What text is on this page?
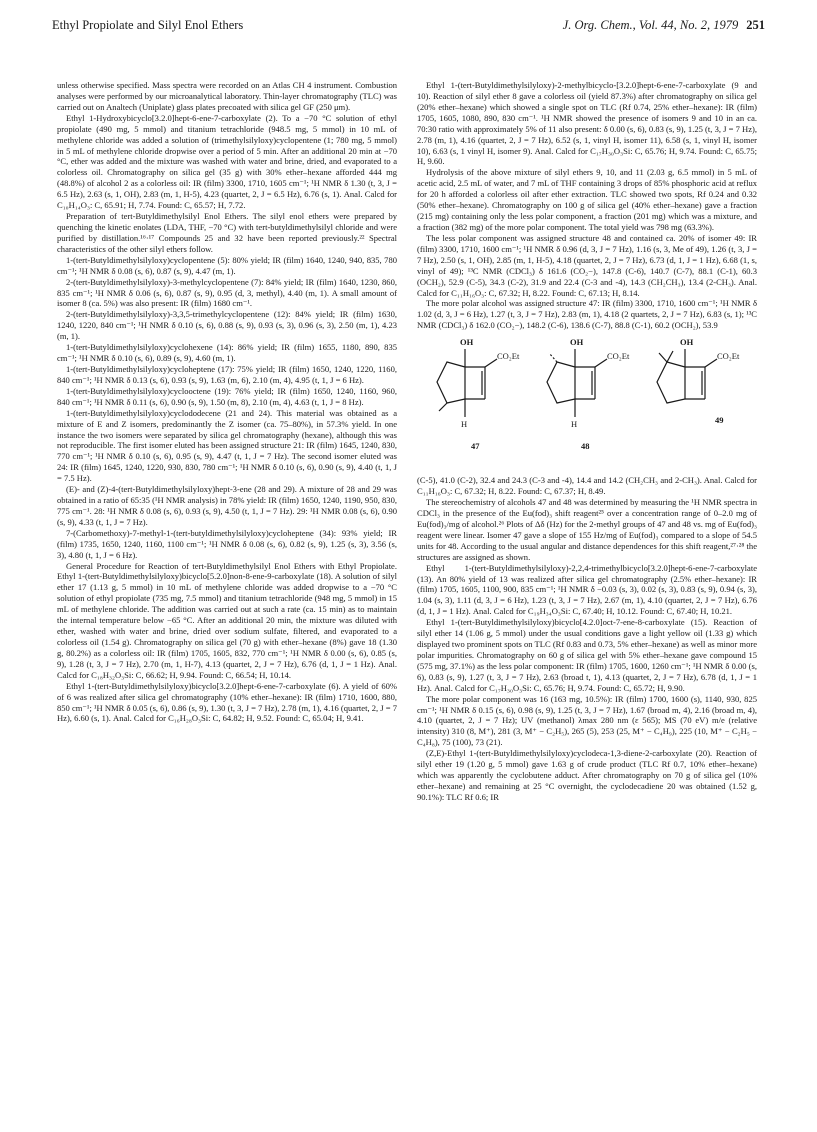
Ethyl Propiolate and Silyl Enol Ethers	J. Org. Chem., Vol. 44, No. 2, 1979 251

unless otherwise specified. Mass spectra were recorded on an Atlas CH 4 instrument. Combustion analyses were performed by our microanalytical laboratory. Thin-layer chromatography (TLC) was carried out on Analtech (Uniplate) glass plates precoated with silica gel GF (250 μm).

Ethyl 1-Hydroxybicyclo[3.2.0]hept-6-ene-7-carboxylate (2). To a −70 °C solution of ethyl propiolate (490 mg, 5 mmol) and titanium tetrachloride (948.5 mg, 5 mmol) in 10 mL of methylene chloride was added a solution of (trimethylsilyloxy)cyclopentene (1; 780 mg, 5 mmol) in 5 mL of methylene chloride dropwise over a period of 5 min. After an additional 20 min at −70 °C, ether was added and the mixture was washed with water and brine, dried, and evaporated to a colorless oil. Chromatography on silica gel (35 g) with 30% ether–hexane afforded 444 mg (48.8%) of alcohol 2 as a colorless oil: IR (film) 3300, 1710, 1605 cm⁻¹; ¹H NMR δ 1.30 (t, 3, J = 6.5 Hz), 2.63 (s, 1, OH), 2.83 (m, 1, H-5), 4.23 (quartet, 2, J = 6.5 Hz), 6.76 (s, 1). Anal. Calcd for C₁₀H₁₄O₃: C, 65.91; H, 7.74. Found: C, 65.57; H, 7.72.

Preparation of tert-Butyldimethylsilyl Enol Ethers. The silyl enol ethers were prepared by quenching the kinetic enolates (LDA, THF, −70 °C) with tert-butyldimethylsilyl chloride and were purified by distillation.¹⁶·¹⁷ Compounds 25 and 32 have been reported previously.²² Spectral characteristics of the other silyl ethers follow.

1-(tert-Butyldimethylsilyloxy)cyclopentene (5): 80% yield; IR (film) 1640, 1240, 940, 835, 780 cm⁻¹; ¹H NMR δ 0.08 (s, 6), 0.87 (s, 9), 4.47 (m, 1).

2-(tert-Butyldimethylsilyloxy)-3-methylcyclopentene (7): 84% yield; IR (film) 1640, 1230, 860, 835 cm⁻¹; ¹H NMR δ 0.06 (s, 6), 0.87 (s, 9), 0.95 (d, 3, methyl), 4.40 (m, 1). A small amount of isomer 8 (ca. 5%) was also present: IR (film) 1680 cm⁻¹.

2-(tert-Butyldimethylsilyloxy)-3,3,5-trimethylcyclopentene (12): 84% yield; IR (film) 1630, 1240, 1220, 840 cm⁻¹; ¹H NMR δ 0.10 (s, 6), 0.88 (s, 9), 0.93 (s, 3), 0.96 (s, 3), 2.50 (m, 1), 4.23 (m, 1).

1-(tert-Butyldimethylsilyloxy)cyclohexene (14): 86% yield; IR (film) 1655, 1180, 890, 835 cm⁻¹; ¹H NMR δ 0.10 (s, 6), 0.89 (s, 9), 4.60 (m, 1).

1-(tert-Butyldimethylsilyloxy)cycloheptene (17): 75% yield; IR (film) 1650, 1240, 1220, 1160, 840 cm⁻¹; ¹H NMR δ 0.13 (s, 6), 0.93 (s, 9), 1.63 (m, 6), 2.10 (m, 4), 4.95 (t, 1, J = 6 Hz).

1-(tert-Butyldimethylsilyloxy)cyclooctene (19): 76% yield; IR (film) 1650, 1240, 1160, 960, 840 cm⁻¹; ¹H NMR δ 0.11 (s, 6), 0.90 (s, 9), 1.50 (m, 8), 2.10 (m, 4), 4.63 (t, 1, J = 8 Hz).

1-(tert-Butyldimethylsilyloxy)cyclododecene (21 and 24). This material was obtained as a mixture of E and Z isomers, predominantly the Z isomer (ca. 75–80%), in 57.3% yield. In one instance the two isomers were separated by silica gel chromatography (hexane), although this was not reproducible. The first isomer eluted has been assigned structure 21: IR (film) 1645, 1240, 830, 770 cm⁻¹; ¹H NMR δ 0.10 (s, 6), 0.95 (s, 9), 4.47 (t, 1, J = 7 Hz). The second isomer eluted was 24: IR (film) 1645, 1240, 1220, 930, 830, 780 cm⁻¹; ¹H NMR δ 0.10 (s, 6), 0.90 (s, 9), 4.40 (t, 1, J = 7.5 Hz).

(E)- and (Z)-4-(tert-Butyldimethylsilyloxy)hept-3-ene (28 and 29). A mixture of 28 and 29 was obtained in a ratio of 65:35 (¹H NMR analysis) in 78% yield: IR (film) 1650, 1240, 1190, 950, 830, 775 cm⁻¹. 28: ¹H NMR δ 0.08 (s, 6), 0.93 (s, 9), 4.50 (t, 1, J = 7 Hz). 29: ¹H NMR 0.08 (s, 6), 0.90 (s, 9), 4.33 (t, 1, J = 7 Hz).

7-(Carbomethoxy)-7-methyl-1-(tert-butyldimethylsilyloxy)cycloheptene (34): 93% yield; IR (film) 1735, 1650, 1240, 1160, 1100 cm⁻¹; ¹H NMR δ 0.08 (s, 6), 0.82 (s, 9), 1.25 (s, 3), 3.56 (s, 3), 4.80 (t, 1, J = 6 Hz).

General Procedure for Reaction of tert-Butyldimethylsilyl Enol Ethers with Ethyl Propiolate. Ethyl 1-(tert-Butyldimethylsilyloxy)bicyclo[5.2.0]non-8-ene-9-carboxylate (18). A solution of silyl ether 17 (1.13 g, 5 mmol) in 10 mL of methylene chloride was added dropwise to a −70 °C solution of ethyl propiolate (735 mg, 7.5 mmol) and titanium tetrachloride (948 mg, 5 mmol) in 15 mL of methylene chloride. The addition was carried out at such a rate (ca. 15 min) as to maintain the internal temperature below −65 °C. After an additional 20 min, the mixture was diluted with ether, washed with water and brine, dried over sodium sulfate, filtered, and evaporated to a colorless oil (1.54 g). Chromatography on silica gel (70 g) with ether–hexane (8%) gave 18 (1.30 g, 80.2%) as a colorless oil: IR (film) 1705, 1605, 832, 770 cm⁻¹; ¹H NMR δ 0.00 (s, 6), 0.85 (s, 9), 1.28 (t, 3, J = 7 Hz), 2.70 (m, 1, H-7), 4.13 (quartet, 2, J = 7 Hz), 6.76 (d, 1, J = 1 Hz). Anal. Calcd for C₁₈H₃₂O₃Si: C, 66.62; H, 9.94. Found: C, 66.54; H, 10.14.

Ethyl 1-(tert-Butyldimethylsilyloxy)bicyclo[3.2.0]hept-6-ene-7-carboxylate (6). A yield of 60% of 6 was realized after silica gel chromatography (10% ether–hexane): IR (film) 1710, 1600, 880, 850 cm⁻¹; ¹H NMR δ 0.05 (s, 6), 0.86 (s, 9), 1.30 (t, 3, J = 7 Hz), 2.78 (m, 1), 4.16 (quartet, 2, J = 7 Hz), 6.60 (s, 1). Anal. Calcd for C₁₆H₂₈O₃Si: C, 64.82; H, 9.52. Found: C, 65.04; H, 9.41.

Ethyl 1-(tert-Butyldimethylsilyloxy)-2-methylbicyclo-[3.2.0]hept-6-ene-7-carboxylate (9 and 10). Reaction of silyl ether 8 gave a colorless oil (yield 87.3%) after chromatography on silica gel (20% ether–hexane) which showed a single spot on TLC (Rf 0.74, 25% ether–hexane): IR (film) 1705, 1605, 1080, 890, 830 cm⁻¹. ¹H NMR showed the presence of isomers 9 and 10 in an ca. 70:30 ratio with approximately 5% of 11 also present: δ 0.00 (s, 6), 0.83 (s, 9), 1.25 (t, 3, J = 7 Hz), 2.78 (m, 1), 4.16 (quartet, 2, J = 7 Hz), 6.52 (s, 1, vinyl H, isomer 11), 6.58 (s, 1, vinyl H, isomer 10), 6.63 (s, 1 vinyl H, isomer 9). Anal. Calcd for C₁₇H₃₀O₃Si: C, 65.76; H, 9.74. Found: C, 65.75; H, 9.60.

Hydrolysis of the above mixture of silyl ethers 9, 10, and 11 (2.03 g, 6.5 mmol) in 5 mL of acetic acid, 2.5 mL of water, and 7 mL of THF containing 3 drops of 85% phosphoric acid at reflux for 20 h afforded a colorless oil after ether extraction. TLC showed two spots, Rf 0.24 and 0.32 (50% ether–hexane). Chromatography on 100 g of silica gel (40% ether–hexane) gave a fraction (215 mg) containing only the less polar component, a fraction (201 mg) which was a mixture, and a fraction (382 mg) of the more polar component. The total yield was 798 mg (63.3%).

The less polar component was assigned structure 48 and contained ca. 20% of isomer 49: IR (film) 3300, 1710, 1600 cm⁻¹; ¹H NMR δ 0.96 (d, 3, J = 7 Hz), 1.16 (s, 3, Me of 49), 1.26 (t, 3, J = 7 Hz), 2.50 (s, 1, OH), 2.85 (m, 1, H-5), 4.18 (quartet, 2, J = 7 Hz), 6.73 (d, 1, J = 1 Hz), 6.68 (1, s, vinyl of 49); ¹³C NMR (CDCl₃) δ 161.6 (CO₂−), 147.8 (C-6), 140.7 (C-7), 88.1 (C-1), 60.3 (OCH₂), 52.9 (C-5), 34.3 (C-2), 31.9 and 22.4 (C-3 and -4), 14.3 (CH₂CH₃), 13.4 (2-CH₃). Anal. Calcd for C₁₁H₁₆O₃: C, 67.32; H, 8.22. Found: C, 67.13; H, 8.14.

The more polar alcohol was assigned structure 47: IR (film) 3300, 1710, 1600 cm⁻¹; ¹H NMR δ 1.02 (d, 3, J = 6 Hz), 1.27 (t, 3, J = 7 Hz), 2.83 (m, 1), 4.18 (2 quartets, 2, J = 7 Hz), 6.83 (s, 1); ¹³C NMR (CDCl₃) δ 162.0 (CO₂−), 148.2 (C-6), 138.6 (C-7), 88.8 (C-1), 60.2 (OCH₂), 53.9

OH
CO₂Et
H
47
OH
CO₂Et
H
48
OH
CO₂Et
49

(C-5), 41.0 (C-2), 32.4 and 24.3 (C-3 and -4), 14.4 and 14.2 (CH₂CH₃ and 2-CH₃). Anal. Calcd for C₁₁H₁₆O₃: C, 67.32; H, 8.22. Found: C, 67.37; H, 8.49.

The stereochemistry of alcohols 47 and 48 was determined by measuring the ¹H NMR spectra in CDCl₃ in the presence of the Eu(fod)₃ shift reagent²⁵ over a concentration range of 0–2.0 mg of Eu(fod)₃/mg of alcohol.²⁶ Plots of Δδ (Hz) for the 2-methyl groups of 47 and 48 vs. mg of Eu(fod)₃ reagent were linear. Isomer 47 gave a slope of 155 Hz/mg of Eu(fod)₃ compared to a slope of 54.5 units for 48. According to the usual angular and distance dependences for this shift reagent,²⁷·²⁸ the structures are assigned as shown.

Ethyl 1-(tert-Butyldimethylsilyloxy)-2,2,4-trimethylbicyclo[3.2.0]hept-6-ene-7-carboxylate (13). An 80% yield of 13 was realized after silica gel chromatography (2.5% ether–hexane): IR (film) 1705, 1605, 1100, 900, 835 cm⁻¹; ¹H NMR δ −0.03 (s, 3), 0.02 (s, 3), 0.83 (s, 9), 0.94 (s, 3), 1.04 (s, 3), 1.11 (d, 3, J = 6 Hz), 1.23 (t, 3, J = 7 Hz), 2.67 (m, 1), 4.10 (quartet, 2, J = 7 Hz), 6.76 (d, 1, J = 1 Hz). Anal. Calcd for C₁₉H₃₄O₃Si: C, 67.40; H, 10.12. Found: C, 67.40; H, 10.21.

Ethyl 1-(tert-Butyldimethylsilyloxy)bicyclo[4.2.0]oct-7-ene-8-carboxylate (15). Reaction of silyl ether 14 (1.06 g, 5 mmol) under the usual conditions gave a light yellow oil (1.33 g) which displayed two prominent spots on TLC (Rf 0.83 and 0.73, 5% ether–hexane) as well as minor more polar impurities. Chromatography on 60 g of silica gel with 5% ether–hexane gave compound 15 (575 mg, 37.1%) as the less polar component: IR (film) 1705, 1600, 1260 cm⁻¹; ¹H NMR δ 0.00 (s, 6), 0.83 (s, 9), 1.27 (t, 3, J = 7 Hz), 2.63 (broad t, 1), 4.13 (quartet, 2, J = 7 Hz), 6.78 (d, 1, J = 1 Hz). Anal. Calcd for C₁₇H₃₀O₃Si: C, 65.76; H, 9.74. Found: C, 65.72; H, 9.90.

The more polar component was 16 (163 mg, 10.5%): IR (film) 1700, 1600 (s), 1140, 930, 825 cm⁻¹; ¹H NMR δ 0.15 (s, 6), 0.98 (s, 9), 1.25 (t, 3, J = 7 Hz), 1.67 (broad m, 4), 2.16 (broad m, 4), 4.10 (quartet, 2, J = 7 Hz); UV (methanol) λmax 280 nm (ε 565); MS (70 eV) m/e (relative intensity) 310 (8, M⁺), 281 (3, M⁺ − C₂H₅), 265 (5), 253 (25, M⁺ − C₄H₉), 225 (10, M⁺ − C₂H₅ − C₄H₈), 75 (100), 73 (21).

(Z,E)-Ethyl 1-(tert-Butyldimethylsilyloxy)cyclodeca-1,3-diene-2-carboxylate (20). Reaction of silyl ether 19 (1.20 g, 5 mmol) gave 1.63 g of crude product (TLC Rf 0.7, 10% ether–hexane) which was apparently the cyclobutene adduct. After chromatography on 70 g of silica gel (10% ether–hexane) and remaining at 25 °C overnight, the cyclodecadiene 20 was obtained (1.52 g, 90.1%): TLC Rf 0.6; IR
